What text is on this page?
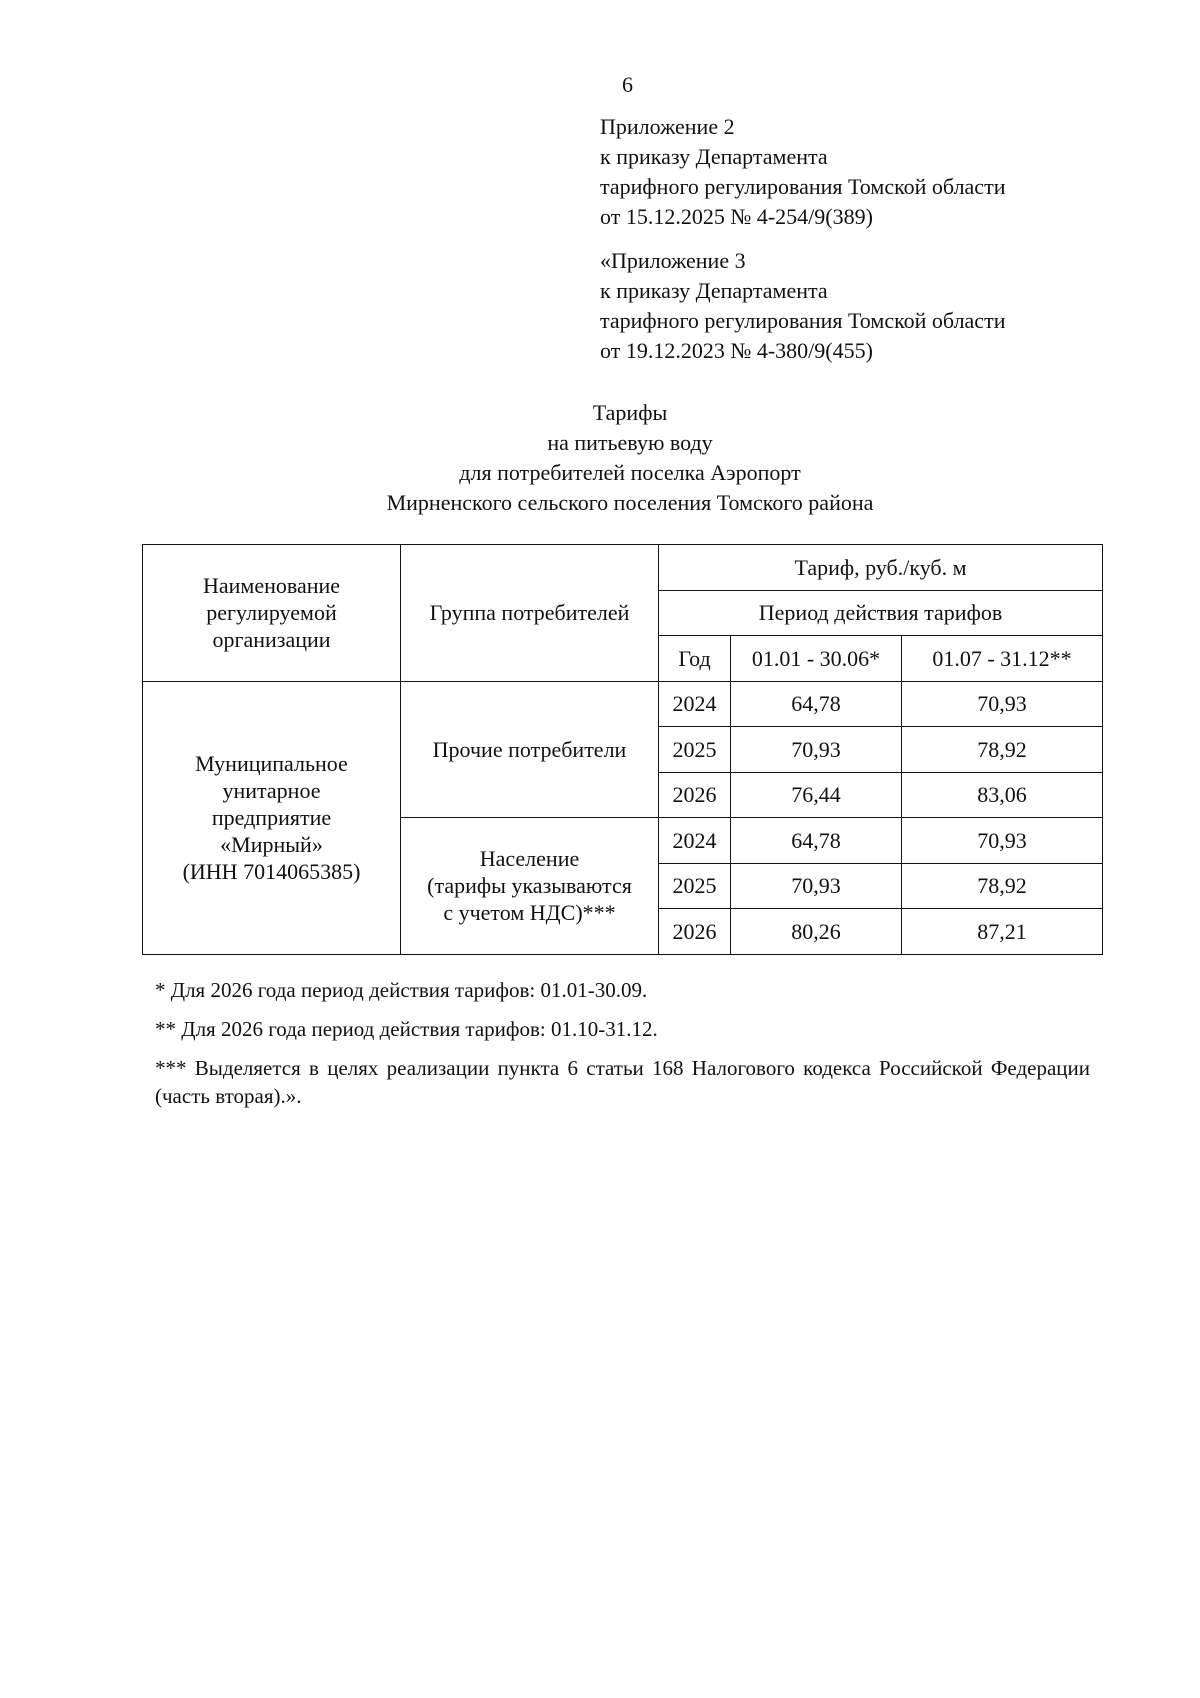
6
Приложение 2
к приказу Департамента
тарифного регулирования Томской области
от 15.12.2025 № 4-254/9(389)
«Приложение 3
к приказу Департамента
тарифного регулирования Томской области
от 19.12.2023 № 4-380/9(455)
Тарифы
на питьевую воду
для потребителей поселка Аэропорт
Мирненского сельского поселения Томского района
Наименование регулируемой организации	Группа потребителей	Тариф, руб./куб. м		
		Период действия тарифов		
		Год	01.01 - 30.06*	01.07 - 31.12**

Муниципальное
унитарное
предприятие
«Мирный»
(ИНН 7014065385)	Прочие потребители	2024	64,78	70,93
		2025	70,93	78,92
		2026	76,44	83,06

	Население
(тарифы указываются
с учетом НДС)***	2024	64,78	70,93
		2025	70,93	78,92
		2026	80,26	87,21

* Для 2026 года период действия тарифов: 01.01-30.09.

** Для 2026 года период действия тарифов: 01.10-31.12.

*** Выделяется в целях реализации пункта 6 статьи 168 Налогового кодекса Российской Федерации (часть вторая).».
